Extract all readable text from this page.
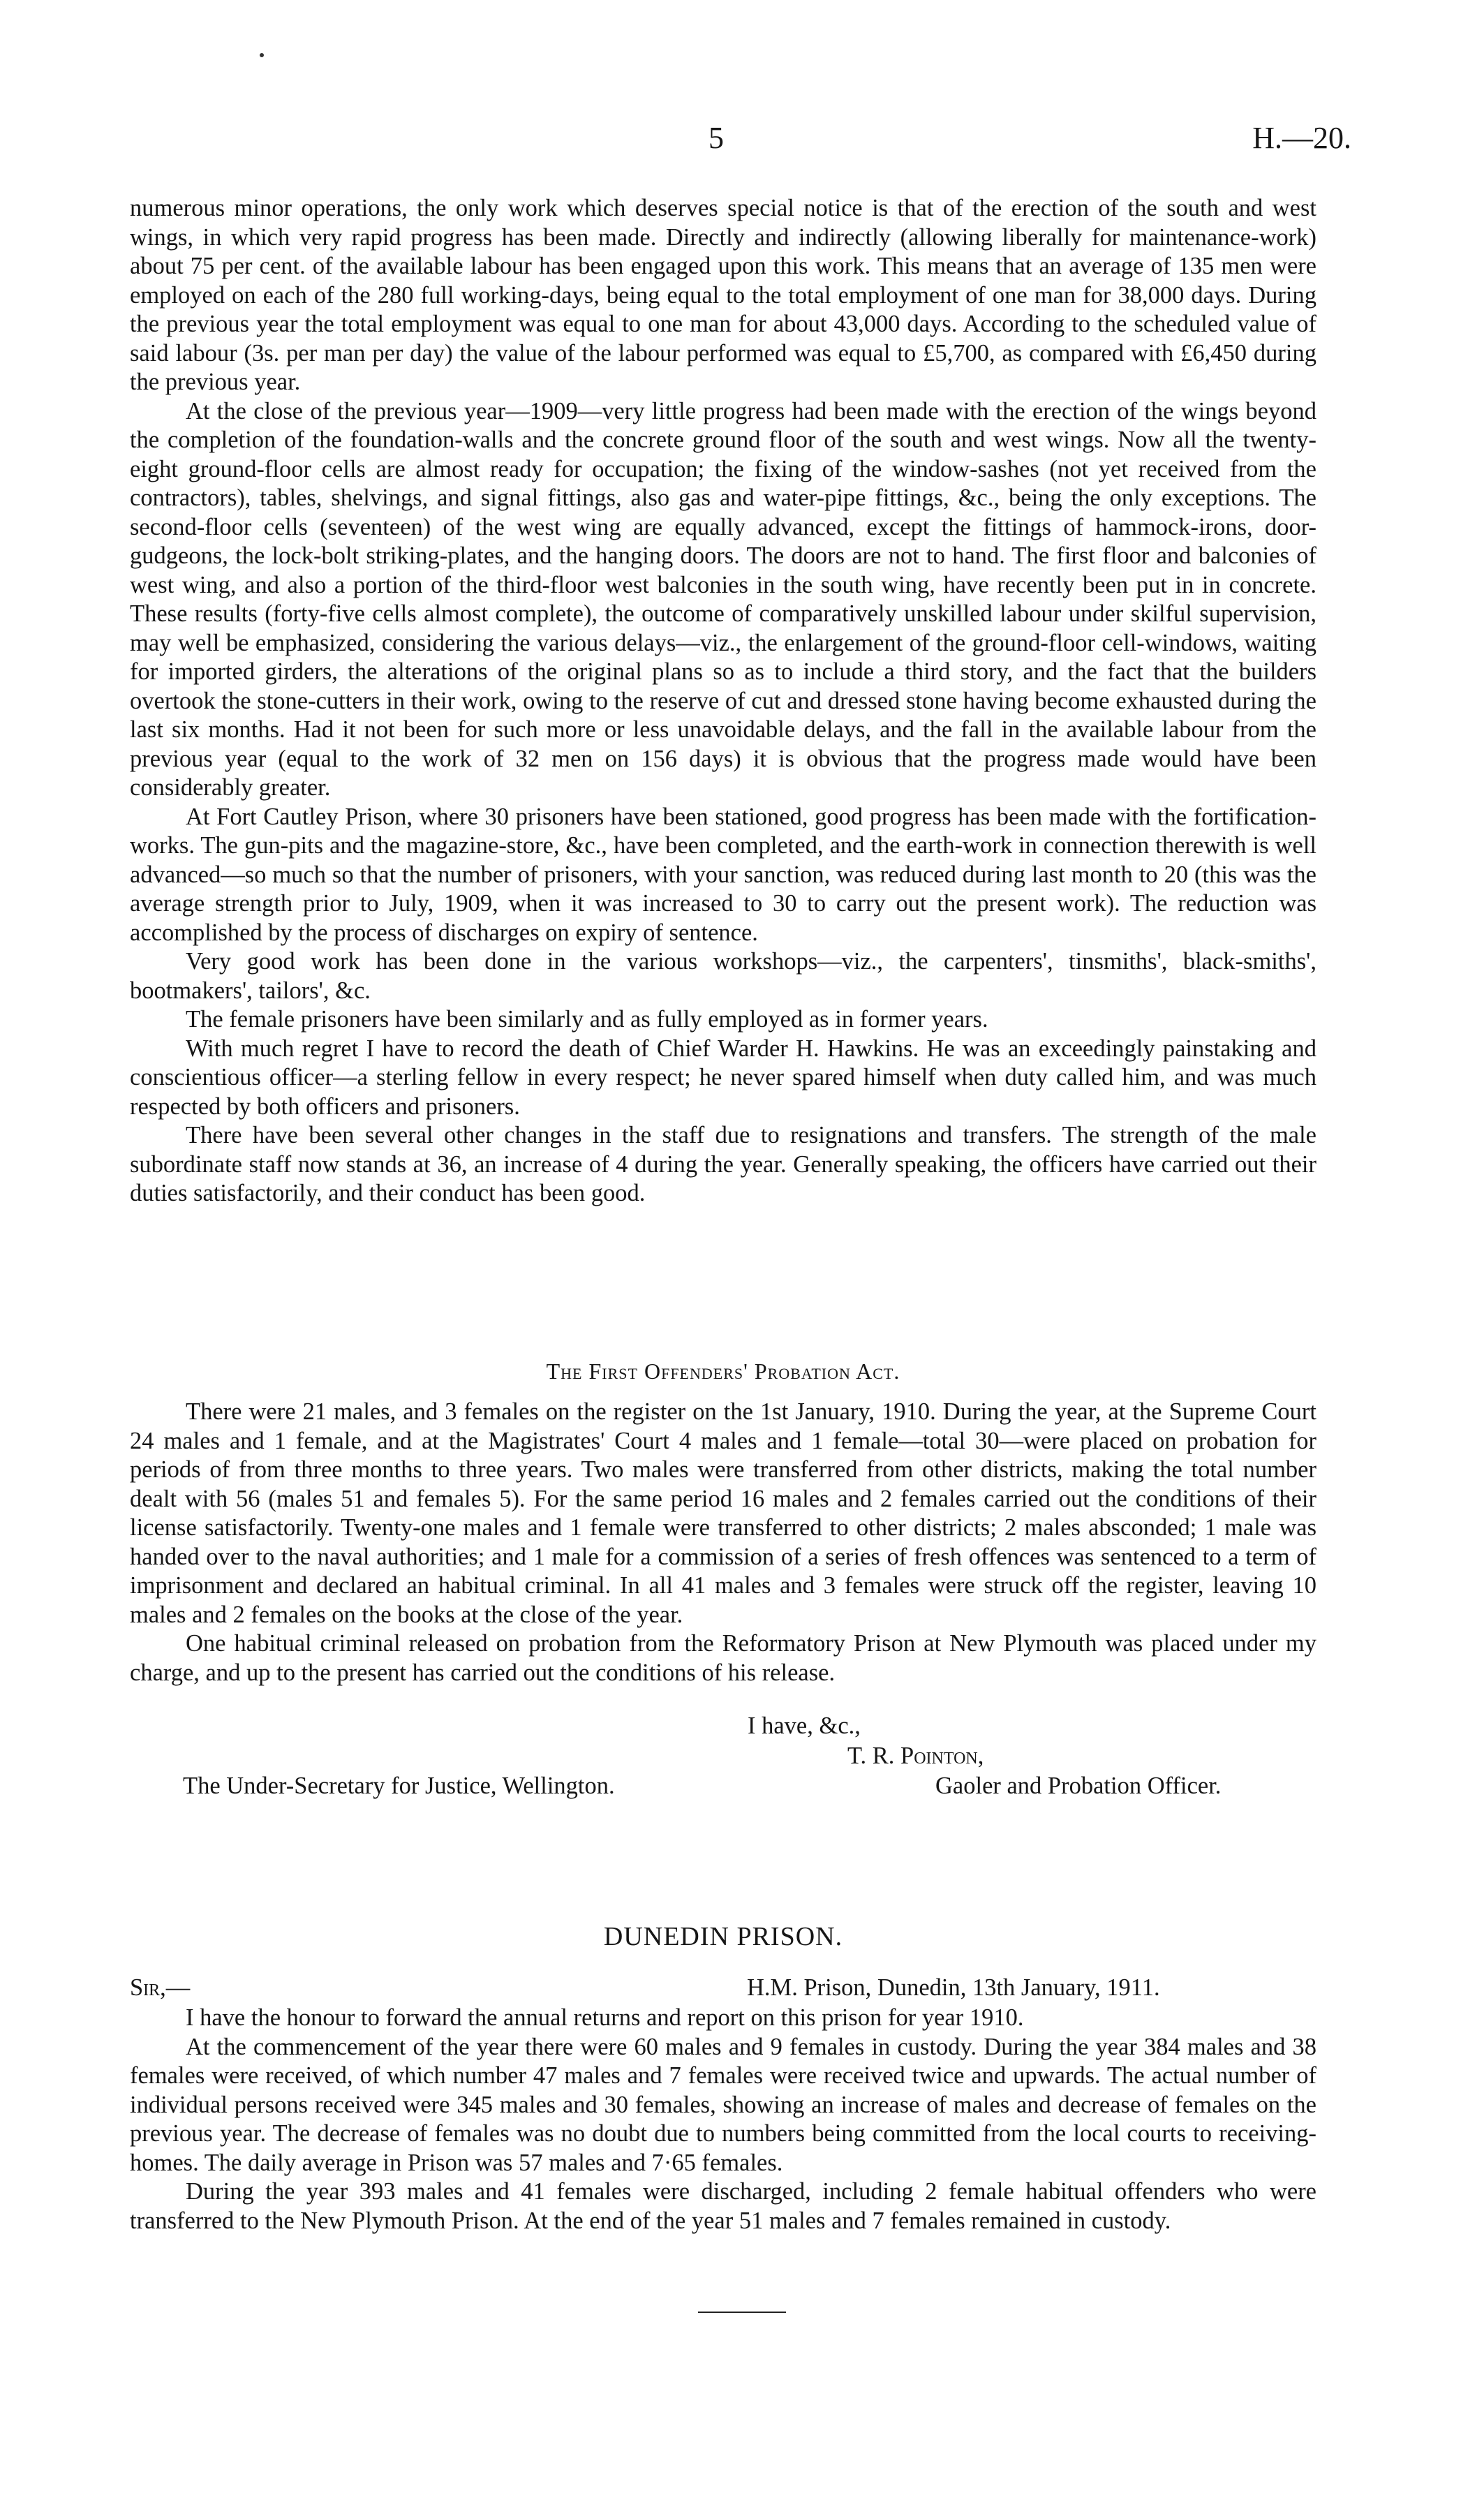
5	H.—20.

numerous minor operations, the only work which deserves special notice is that of the erection of the south and west wings, in which very rapid progress has been made. Directly and indirectly (allowing liberally for maintenance-work) about 75 per cent. of the available labour has been engaged upon this work. This means that an average of 135 men were employed on each of the 280 full working-days, being equal to the total employment of one man for 38,000 days. During the previous year the total employment was equal to one man for about 43,000 days. According to the scheduled value of said labour (3s. per man per day) the value of the labour performed was equal to £5,700, as compared with £6,450 during the previous year.

At the close of the previous year—1909—very little progress had been made with the erection of the wings beyond the completion of the foundation-walls and the concrete ground floor of the south and west wings. Now all the twenty-eight ground-floor cells are almost ready for occupation; the fixing of the window-sashes (not yet received from the contractors), tables, shelvings, and signal fittings, also gas and water-pipe fittings, &c., being the only exceptions. The second-floor cells (seventeen) of the west wing are equally advanced, except the fittings of hammock-irons, door-gudgeons, the lock-bolt striking-plates, and the hanging doors. The doors are not to hand. The first floor and balconies of west wing, and also a portion of the third-floor west balconies in the south wing, have recently been put in in concrete. These results (forty-five cells almost complete), the outcome of comparatively unskilled labour under skilful supervision, may well be emphasized, considering the various delays—viz., the enlargement of the ground-floor cell-windows, waiting for imported girders, the alterations of the original plans so as to include a third story, and the fact that the builders overtook the stone-cutters in their work, owing to the reserve of cut and dressed stone having become exhausted during the last six months. Had it not been for such more or less unavoidable delays, and the fall in the available labour from the previous year (equal to the work of 32 men on 156 days) it is obvious that the progress made would have been considerably greater.

At Fort Cautley Prison, where 30 prisoners have been stationed, good progress has been made with the fortification-works. The gun-pits and the magazine-store, &c., have been completed, and the earth-work in connection therewith is well advanced—so much so that the number of prisoners, with your sanction, was reduced during last month to 20 (this was the average strength prior to July, 1909, when it was increased to 30 to carry out the present work). The reduction was accomplished by the process of discharges on expiry of sentence.

Very good work has been done in the various workshops—viz., the carpenters', tinsmiths', black-smiths', bootmakers', tailors', &c.

The female prisoners have been similarly and as fully employed as in former years.

With much regret I have to record the death of Chief Warder H. Hawkins. He was an exceedingly painstaking and conscientious officer—a sterling fellow in every respect; he never spared himself when duty called him, and was much respected by both officers and prisoners.

There have been several other changes in the staff due to resignations and transfers. The strength of the male subordinate staff now stands at 36, an increase of 4 during the year. Generally speaking, the officers have carried out their duties satisfactorily, and their conduct has been good.

The First Offenders' Probation Act.

There were 21 males, and 3 females on the register on the 1st January, 1910. During the year, at the Supreme Court 24 males and 1 female, and at the Magistrates' Court 4 males and 1 female—total 30—were placed on probation for periods of from three months to three years. Two males were transferred from other districts, making the total number dealt with 56 (males 51 and females 5). For the same period 16 males and 2 females carried out the conditions of their license satisfactorily. Twenty-one males and 1 female were transferred to other districts; 2 males absconded; 1 male was handed over to the naval authorities; and 1 male for a commission of a series of fresh offences was sentenced to a term of imprisonment and declared an habitual criminal. In all 41 males and 3 females were struck off the register, leaving 10 males and 2 females on the books at the close of the year.

One habitual criminal released on probation from the Reformatory Prison at New Plymouth was placed under my charge, and up to the present has carried out the conditions of his release.

I have, &c.,
T. R. Pointon,
The Under-Secretary for Justice, Wellington.	Gaoler and Probation Officer.
DUNEDIN PRISON.
Sir,—	H.M. Prison, Dunedin, 13th January, 1911.

I have the honour to forward the annual returns and report on this prison for year 1910.

At the commencement of the year there were 60 males and 9 females in custody. During the year 384 males and 38 females were received, of which number 47 males and 7 females were received twice and upwards. The actual number of individual persons received were 345 males and 30 females, showing an increase of males and decrease of females on the previous year. The decrease of females was no doubt due to numbers being committed from the local courts to receiving-homes. The daily average in Prison was 57 males and 7·65 females.

During the year 393 males and 41 females were discharged, including 2 female habitual offenders who were transferred to the New Plymouth Prison. At the end of the year 51 males and 7 females remained in custody.
